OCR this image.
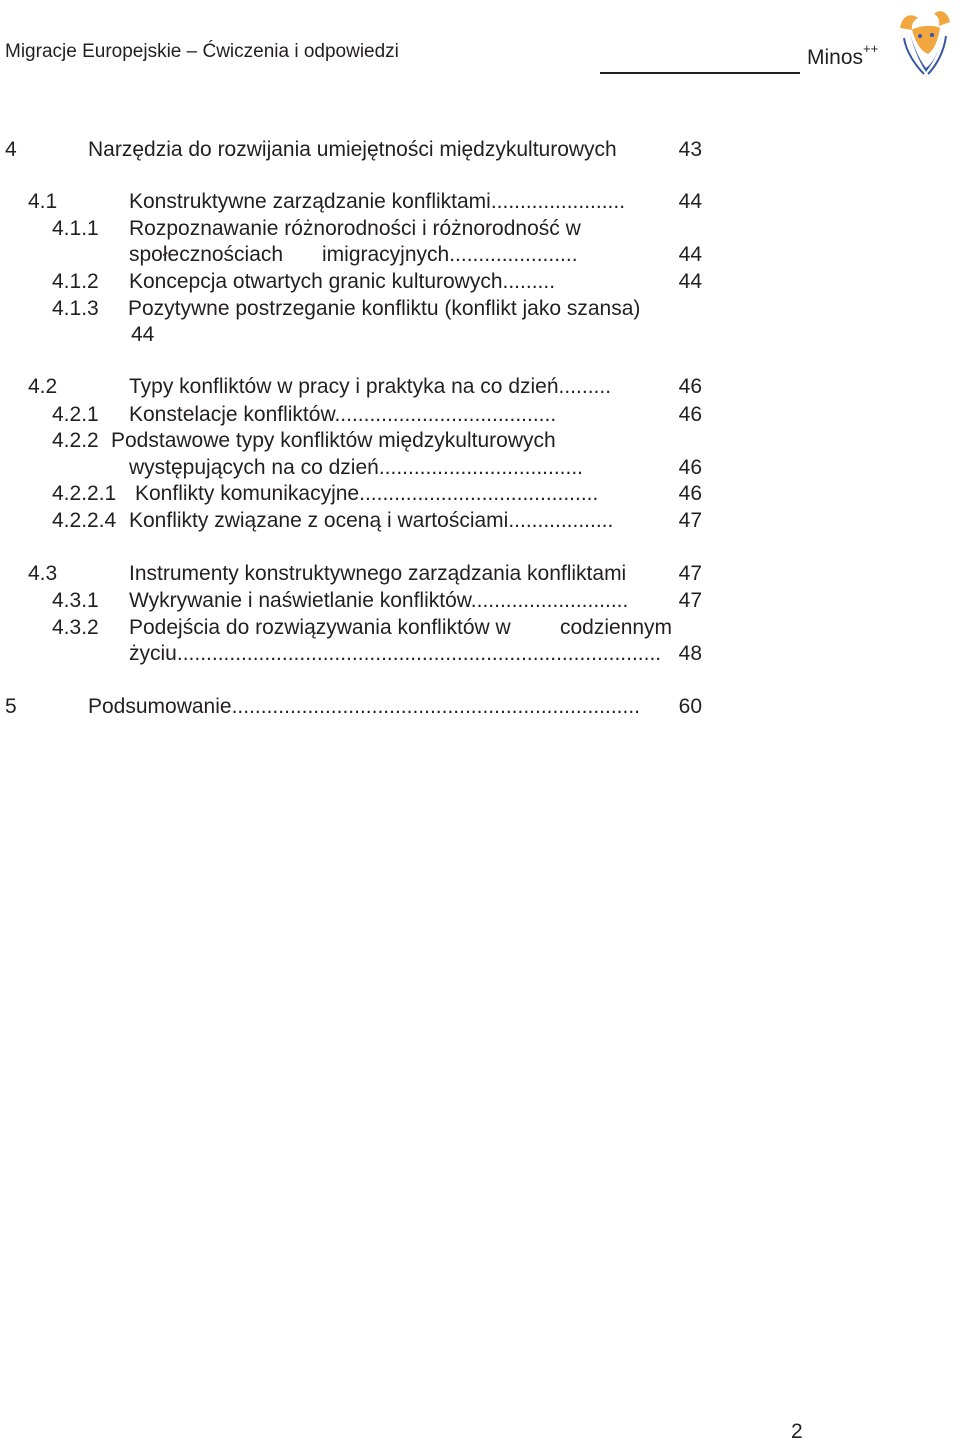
Migracje Europejskie – Ćwiczenia i odpowiedzi	Minos++
4	Narzędzia do rozwijania umiejętności międzykulturowych	43
4.1	Konstruktywne zarządzanie konfliktami.......................	44
4.1.1 Rozpoznawanie różnorodności i różnorodność w
społecznościach imigracyjnych......................	44
4.1.2 Koncepcja otwartych granic kulturowych.........	44
4.1.3 Pozytywne postrzeganie konfliktu (konflikt jako szansa)
44
4.2	Typy konfliktów w pracy i praktyka na co dzień.........	46
4.2.1 Konstelacje konfliktów......................................	46
4.2.2 Podstawowe typy konfliktów międzykulturowych
występujących na co dzień...................................	46
4.2.2.1 Konflikty komunikacyjne.........................................	46
4.2.2.4 Konflikty związane z oceną i wartościami..................	47
4.3	Instrumenty konstruktywnego zarządzania konfliktami	47
4.3.1 Wykrywanie i naświetlanie konfliktów...........................	47
4.3.2 Podejścia do rozwiązywania konfliktów w codziennym
życiu................................................................................... 48
5	Podsumowanie......................................................................	60
2
